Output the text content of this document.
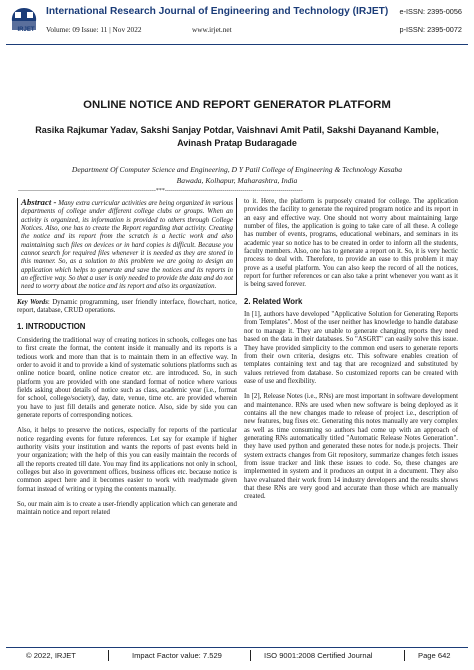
International Research Journal of Engineering and Technology (IRJET) e-ISSN: 2395-0056
Volume: 09 Issue: 11 | Nov 2022	www.irjet.net	p-ISSN: 2395-0072
IRJET
ONLINE NOTICE AND REPORT GENERATOR PLATFORM
Rasika Rajkumar Yadav, Sakshi Sanjay Potdar, Vaishnavi Amit Patil, Sakshi Dayanand Kamble,
Avinash Pratap Budaragade
Department Of Computer Science and Engineering, D Y Patil College of Engineering & Technology Kasaba
Bawada, Kolhapur, Maharashtra, India
---------------------------------------------------------------------***---------------------------------------------------------------------

Abstract - Many extra curricular activities are being organized in various departments of college under different college clubs or groups. When an activity is organized, its information is provided to others through College Notices. Also, one has to create the Report regarding that activity. Creating the notice and its report from the scratch is a hectic work and also maintaining such files on devices or in hard copies is difficult. Because you cannot search for required files whenever it is needed as they are stored in this manner. So, as a solution to this problem we are going to design an application which helps to generate and save the notices and its reports in an effective way. So that a user is only needed to provide the data and do not need to worry about the notice and its report and also its organization.

Key Words: Dynamic programming, user friendly interface, flowchart, notice, report, database, CRUD operations.
1. INTRODUCTION

Considering the traditional way of creating notices in schools, colleges one has to first create the format, the content inside it manually and its reports is a tedious work and more than that is to maintain them in an effective way. In order to avoid it and to provide a kind of systematic solutions platforms such as online notice board, online notice creator etc. are introduced. So, in such platform you are provided with one standard format of notice where various fields asking about details of notice such as class, academic year (i.e., format for school, college/society), day, date, venue, time etc. are provided wherein you have to just fill details and generate notice. Also, side by side you can generate reports of corresponding notices.

Also, it helps to preserve the notices, especially for reports of the particular notice regarding events for future references. Let say for example if higher authority visits your institution and wants the reports of past events held in your organization; with the help of this you can easily maintain the records of all the reports created till date. You may find its applications not only in school, colleges but also in government offices, business offices etc. because notice is common aspect here and it becomes easier to work with readymade given format instead of writing or typing the contents manually.

So, our main aim is to create a user-friendly application which can generate and maintain notice and report related

to it. Here, the platform is purposely created for college. The application provides the facility to generate the required program notice and its report in an easy and effective way. One should not worry about maintaining large number of files, the application is going to take care of all these. A college has number of events, programs, educational webinars, and seminars in its academic year so notice has to be created in order to inform all the students, faculty members. Also, one has to generate a report on it. So, it is very hectic process to deal with. Therefore, to provide an ease to this problem it may prove as a useful platform. You can also keep the record of all the notices, report for further references or can also take a print whenever you want as it is being saved forever.

2. Related Work

In [1], authors have developed "Applicative Solution for Generating Reports from Templates". Most of the user neither has knowledge to handle database nor to manage it. They are unable to generate changing reports they need based on the data in their databases. So "ASGRT" can easily solve this issue. They have provided simplicity to the common end users to generate reports from their own criteria, designs etc. This software enables creation of templates containing text and tag that are recognized and substituted by values retrieved from database. So customized reports can be created with ease of use and flexibility.

In [2], Release Notes (i.e., RNs) are most important in software development and maintenance. RNs are used when new software is being deployed as it contains all the new changes made to release of project i.e., description of new features, bug fixes etc. Generating this notes manually are very complex as well as time consuming so authors had come up with an approach of generating RNs automatically titled "Automatic Release Notes Generation". they have used python and generated these notes for node.js projects. Their system extracts changes from Git repository, summarize changes fetch issues from issue tracker and link these issues to code. So, these changes are implemented in system and it produces an output in a document. They also have evaluated their work from 14 industry developers and the results shows that these RNs are very good and accurate than those which are manually created.

© 2022, IRJET	Impact Factor value: 7.529	ISO 9001:2008 Certified Journal	Page 642
